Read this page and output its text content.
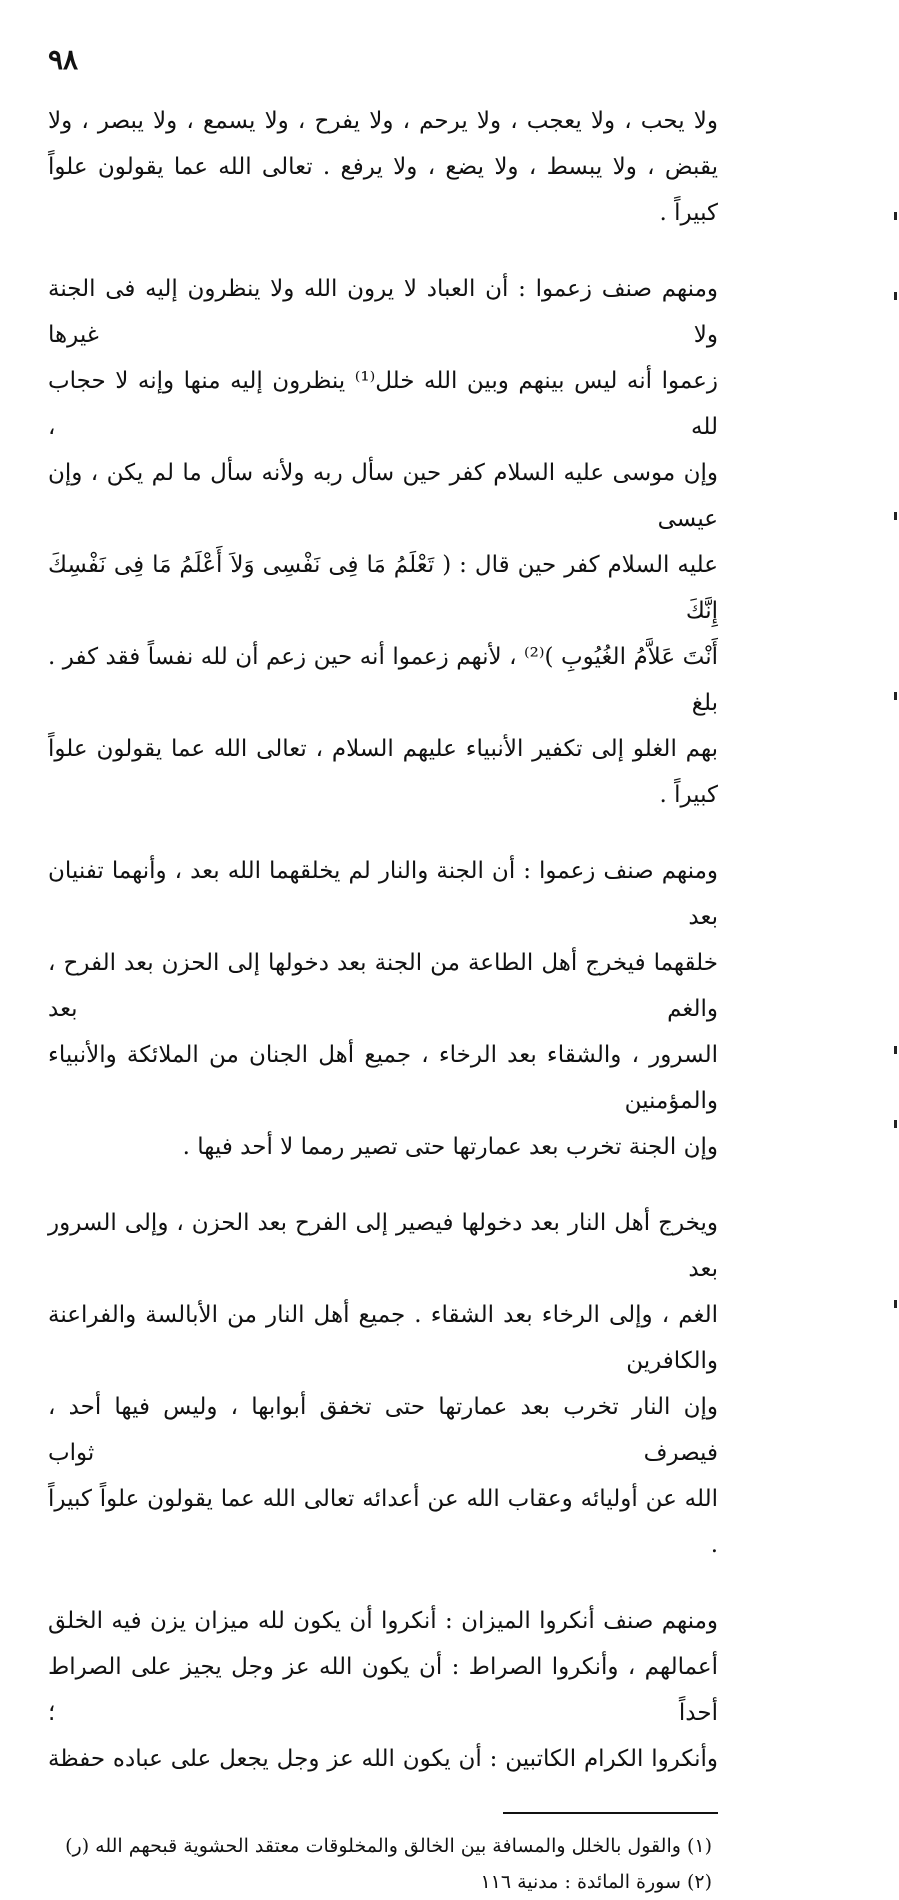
٩٨
ولا يحب ، ولا يعجب ، ولا يرحم ، ولا يفرح ، ولا يسمع ، ولا يبصر ، ولا
يقبض ، ولا يبسط ، ولا يضع ، ولا يرفع . تعالى الله عما يقولون علواً كبيراً .
ومنهم صنف زعموا : أن العباد لا يرون الله ولا ينظرون إليه فى الجنة ولا غيرها
زعموا أنه ليس بينهم وبين الله خلل⁽¹⁾ ينظرون إليه منها وإنه لا حجاب لله ،
وإن موسى عليه السلام كفر حين سأل ربه ولأنه سأل ما لم يكن ، وإن عيسى
عليه السلام كفر حين قال : ( تَعْلَمُ مَا فِى نَفْسِى وَلاَ أَعْلَمُ مَا فِى نَفْسِكَ إِنَّكَ
أَنْتَ عَلاَّمُ الغُيُوبِ )⁽²⁾ ، لأنهم زعموا أنه حين زعم أن لله نفساً فقد كفر . بلغ
بهم الغلو إلى تكفير الأنبياء عليهم السلام ، تعالى الله عما يقولون علواً كبيراً .
ومنهم صنف زعموا : أن الجنة والنار لم يخلقهما الله بعد ، وأنهما تفنيان بعد
خلقهما فيخرج أهل الطاعة من الجنة بعد دخولها إلى الحزن بعد الفرح ، والغم بعد
السرور ، والشقاء بعد الرخاء ، جميع أهل الجنان من الملائكة والأنبياء والمؤمنين
وإن الجنة تخرب بعد عمارتها حتى تصير رمما لا أحد فيها .
ويخرج أهل النار بعد دخولها فيصير إلى الفرح بعد الحزن ، وإلى السرور بعد
الغم ، وإلى الرخاء بعد الشقاء . جميع أهل النار من الأبالسة والفراعنة والكافرين
وإن النار تخرب بعد عمارتها حتى تخفق أبوابها ، وليس فيها أحد ، فيصرف ثواب
الله عن أوليائه وعقاب الله عن أعدائه تعالى الله عما يقولون علواً كبيراً .
ومنهم صنف أنكروا الميزان : أنكروا أن يكون لله ميزان يزن فيه الخلق
أعمالهم ، وأنكروا الصراط : أن يكون الله عز وجل يجيز على الصراط أحداً ؛
وأنكروا الكرام الكاتبين : أن يكون الله عز وجل يجعل على عباده حفظة
(١) والقول بالخلل والمسافة بين الخالق والمخلوقات معتقد الحشوية قبحهم الله (ر)
(٢) سورة المائدة : مدنية ١١٦
